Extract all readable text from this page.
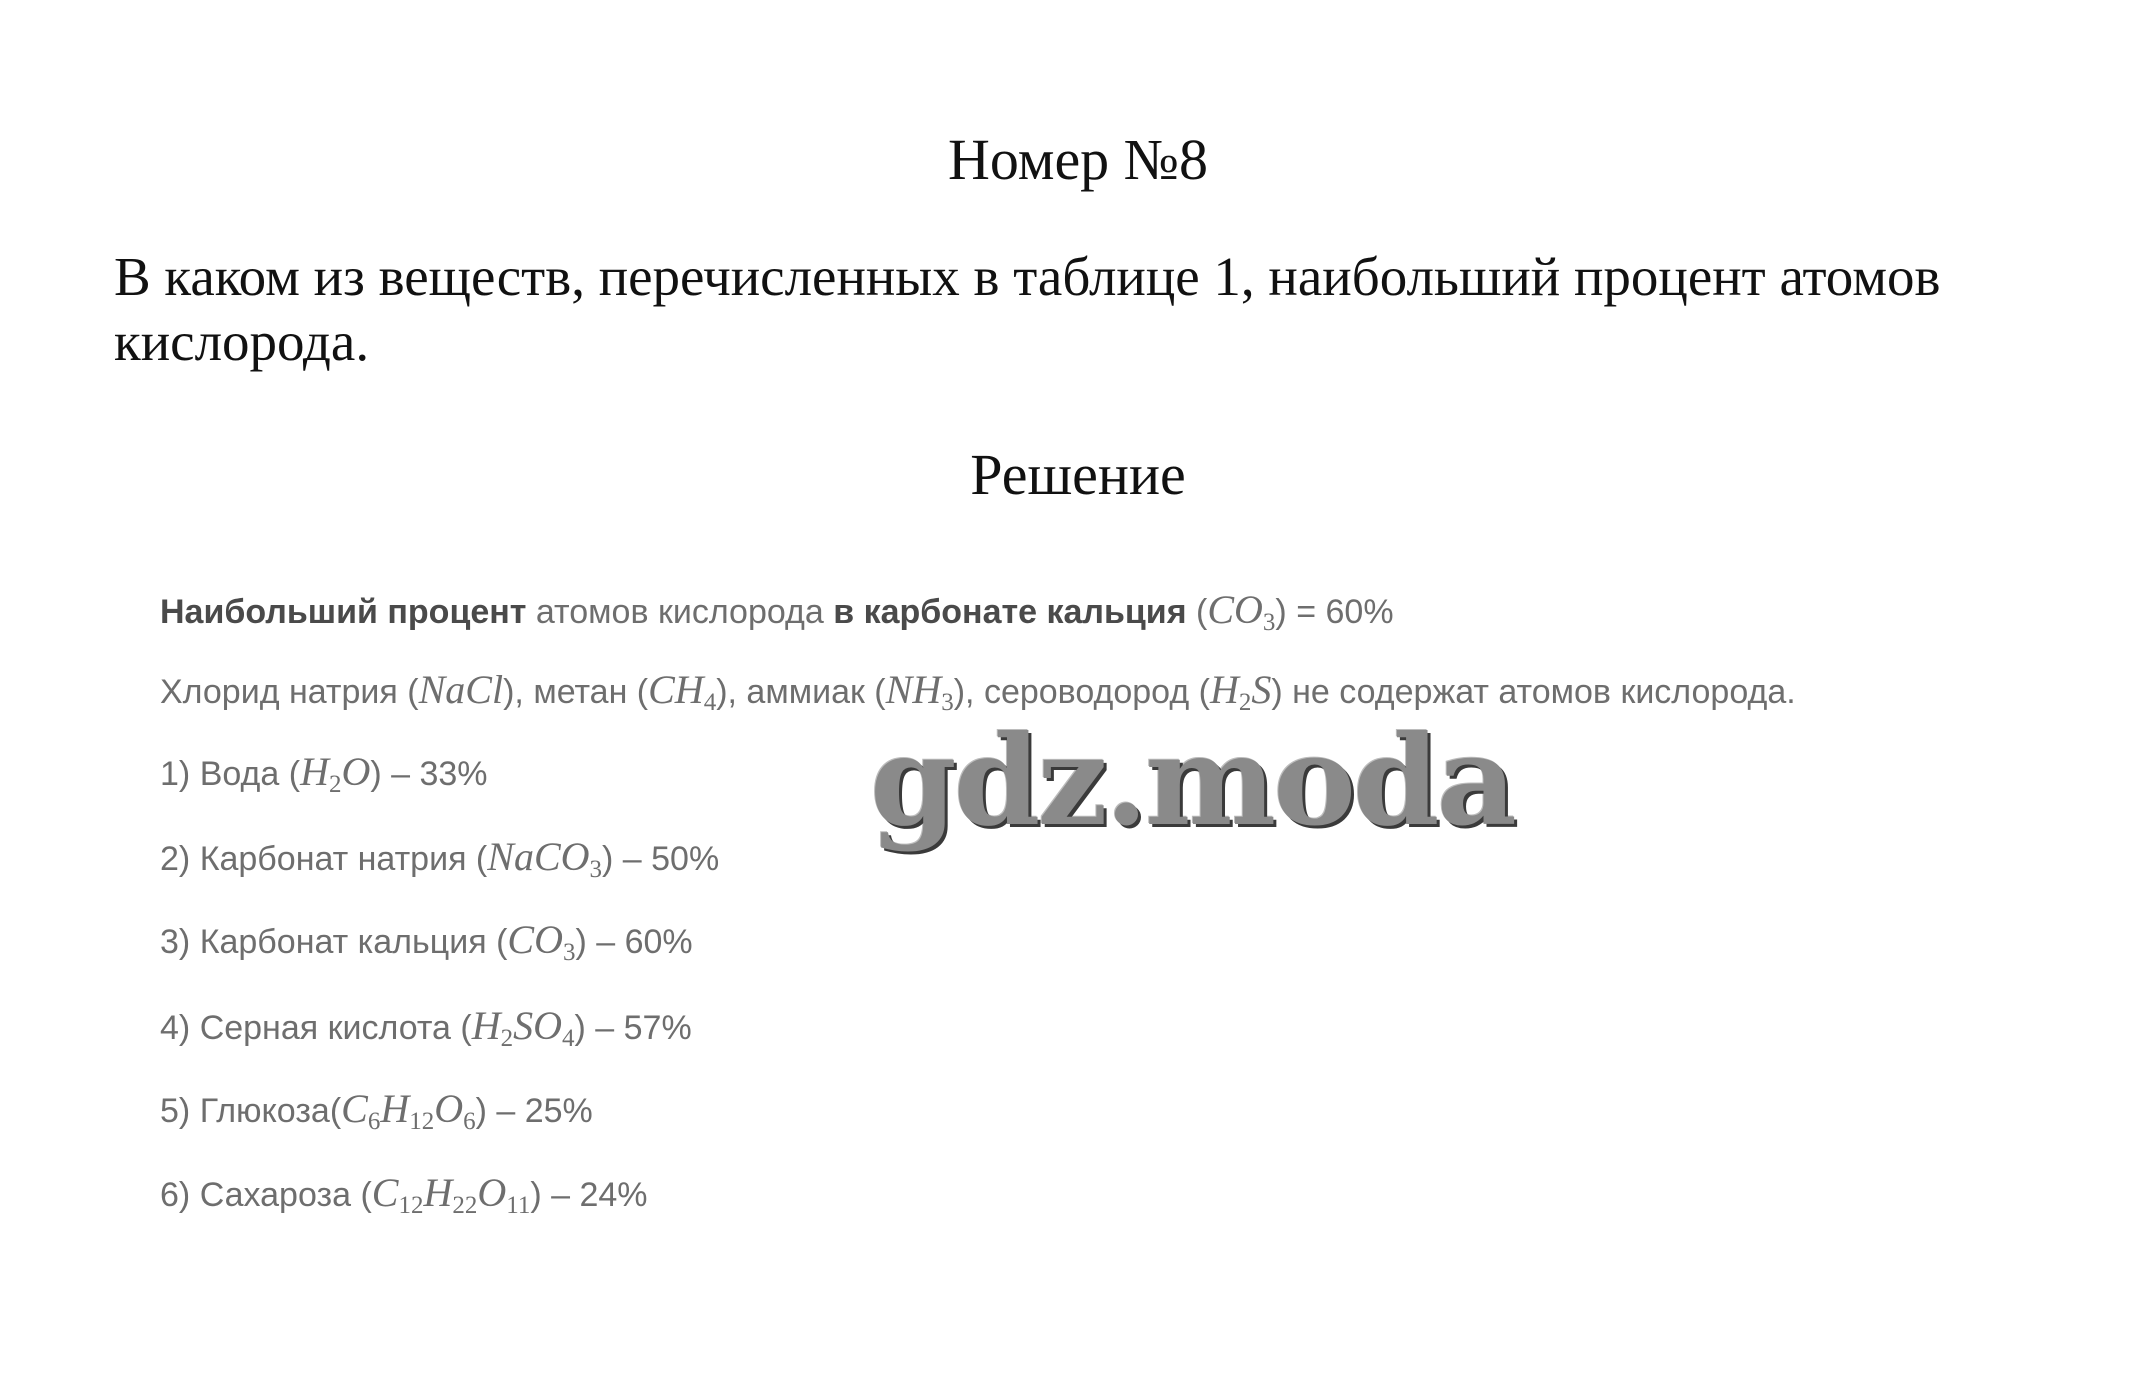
Номер №8
В каком из веществ, перечисленных в таблице 1, наибольший процент атомов кислорода.
Решение
Наибольший процент атомов кислорода в карбонате кальция $(CO_3) = 60\%$
Хлорид натрия (NaCl), метан $(CH_4)$, аммиак $(NH_3)$, сероводород $(H_2S)$ не содержат атомов кислорода.
1) Вода $(H_2O) - 33\%$
2) Карбонат натрия (NaCO$_3$) – 50%
3) Карбонат кальция $(CO_3) - 60\%$
4) Серная кислота $(H_2SO_4) - 57\%$
5) $Глюкоза(C_6H_{12}O_6) - 25\%$
6) Сахароза $(C_{12}H_{22}O_{11}) - 24\%$
gdz.moda
